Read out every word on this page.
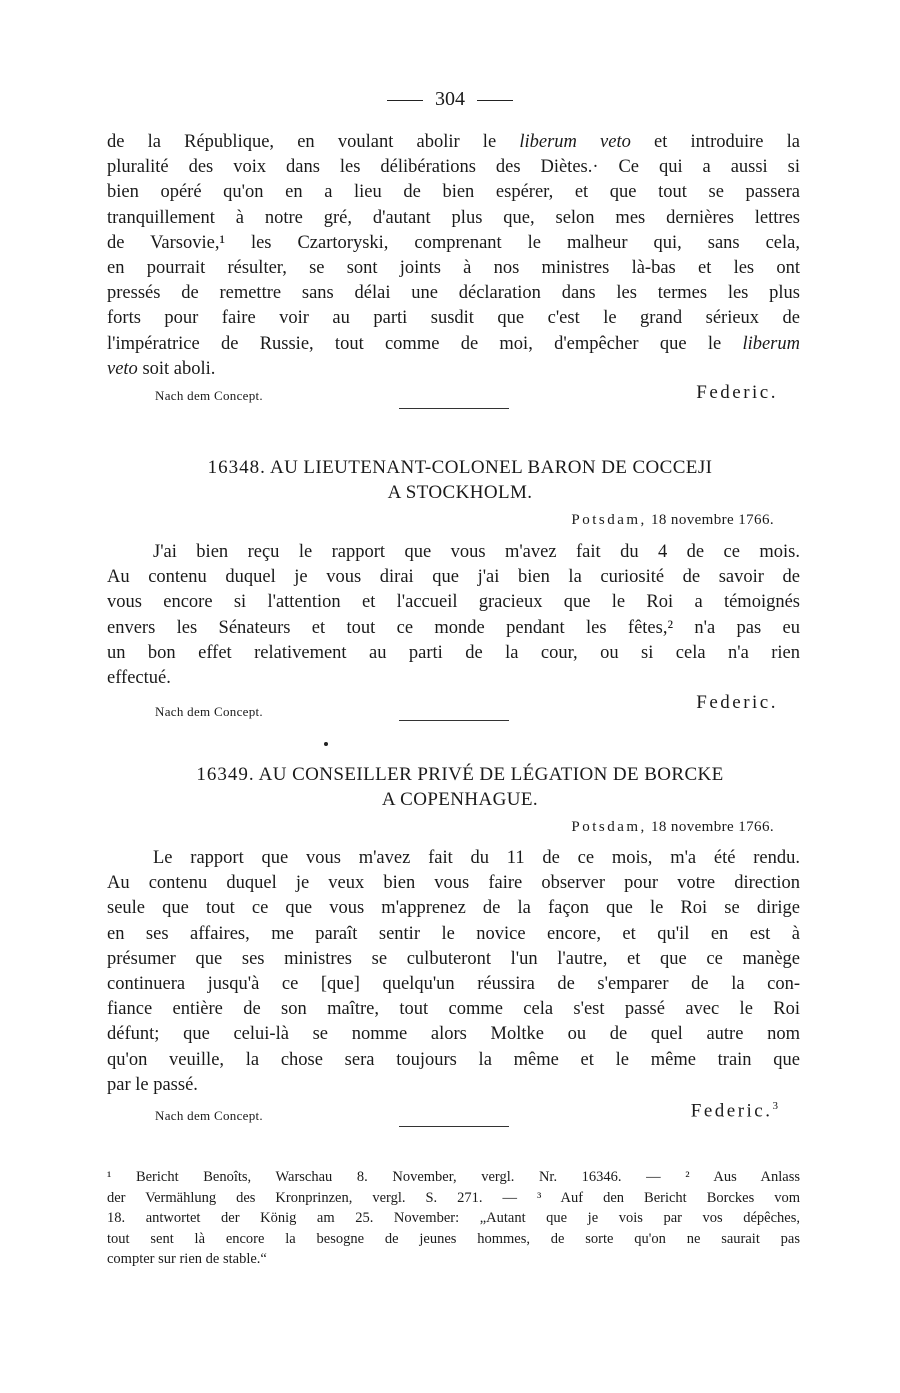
304
de la République, en voulant abolir le liberum veto et introduire la
pluralité des voix dans les délibérations des Diètes.· Ce qui a aussi si
bien opéré qu'on en a lieu de bien espérer, et que tout se passera
tranquillement à notre gré, d'autant plus que, selon mes dernières lettres
de Varsovie,¹ les Czartoryski, comprenant le malheur qui, sans cela,
en pourrait résulter, se sont joints à nos ministres là-bas et les ont
pressés de remettre sans délai une déclaration dans les termes les plus
forts pour faire voir au parti susdit que c'est le grand sérieux de
l'impératrice de Russie, tout comme de moi, d'empêcher que le liberum
veto soit aboli.
Nach dem Concept.	Federic.
16348. AU LIEUTENANT-COLONEL BARON DE COCCEJI
A STOCKHOLM.
Potsdam, 18 novembre 1766.
J'ai bien reçu le rapport que vous m'avez fait du 4 de ce mois.
Au contenu duquel je vous dirai que j'ai bien la curiosité de savoir de
vous encore si l'attention et l'accueil gracieux que le Roi a témoignés
envers les Sénateurs et tout ce monde pendant les fêtes,² n'a pas eu
un bon effet relativement au parti de la cour, ou si cela n'a rien
effectué.
Nach dem Concept.	Federic.
16349. AU CONSEILLER PRIVÉ DE LÉGATION DE BORCKE
A COPENHAGUE.
Potsdam, 18 novembre 1766.
Le rapport que vous m'avez fait du 11 de ce mois, m'a été rendu.
Au contenu duquel je veux bien vous faire observer pour votre direction
seule que tout ce que vous m'apprenez de la façon que le Roi se dirige
en ses affaires, me paraît sentir le novice encore, et qu'il en est à
présumer que ses ministres se culbuteront l'un l'autre, et que ce manège
continuera jusqu'à ce [que] quelqu'un réussira de s'emparer de la con-
fiance entière de son maître, tout comme cela s'est passé avec le Roi
défunt; que celui-là se nomme alors Moltke ou de quel autre nom
qu'on veuille, la chose sera toujours la même et le même train que
par le passé.
Nach dem Concept.	Federic.$^3$
¹ Bericht Benoîts, Warschau 8. November, vergl. Nr. 16346. — ² Aus Anlass
der Vermählung des Kronprinzen, vergl. S. 271. — ³ Auf den Bericht Borckes vom
18. antwortet der König am 25. November: „Autant que je vois par vos dépêches,
tout sent là encore la besogne de jeunes hommes, de sorte qu'on ne saurait pas
compter sur rien de stable.“
